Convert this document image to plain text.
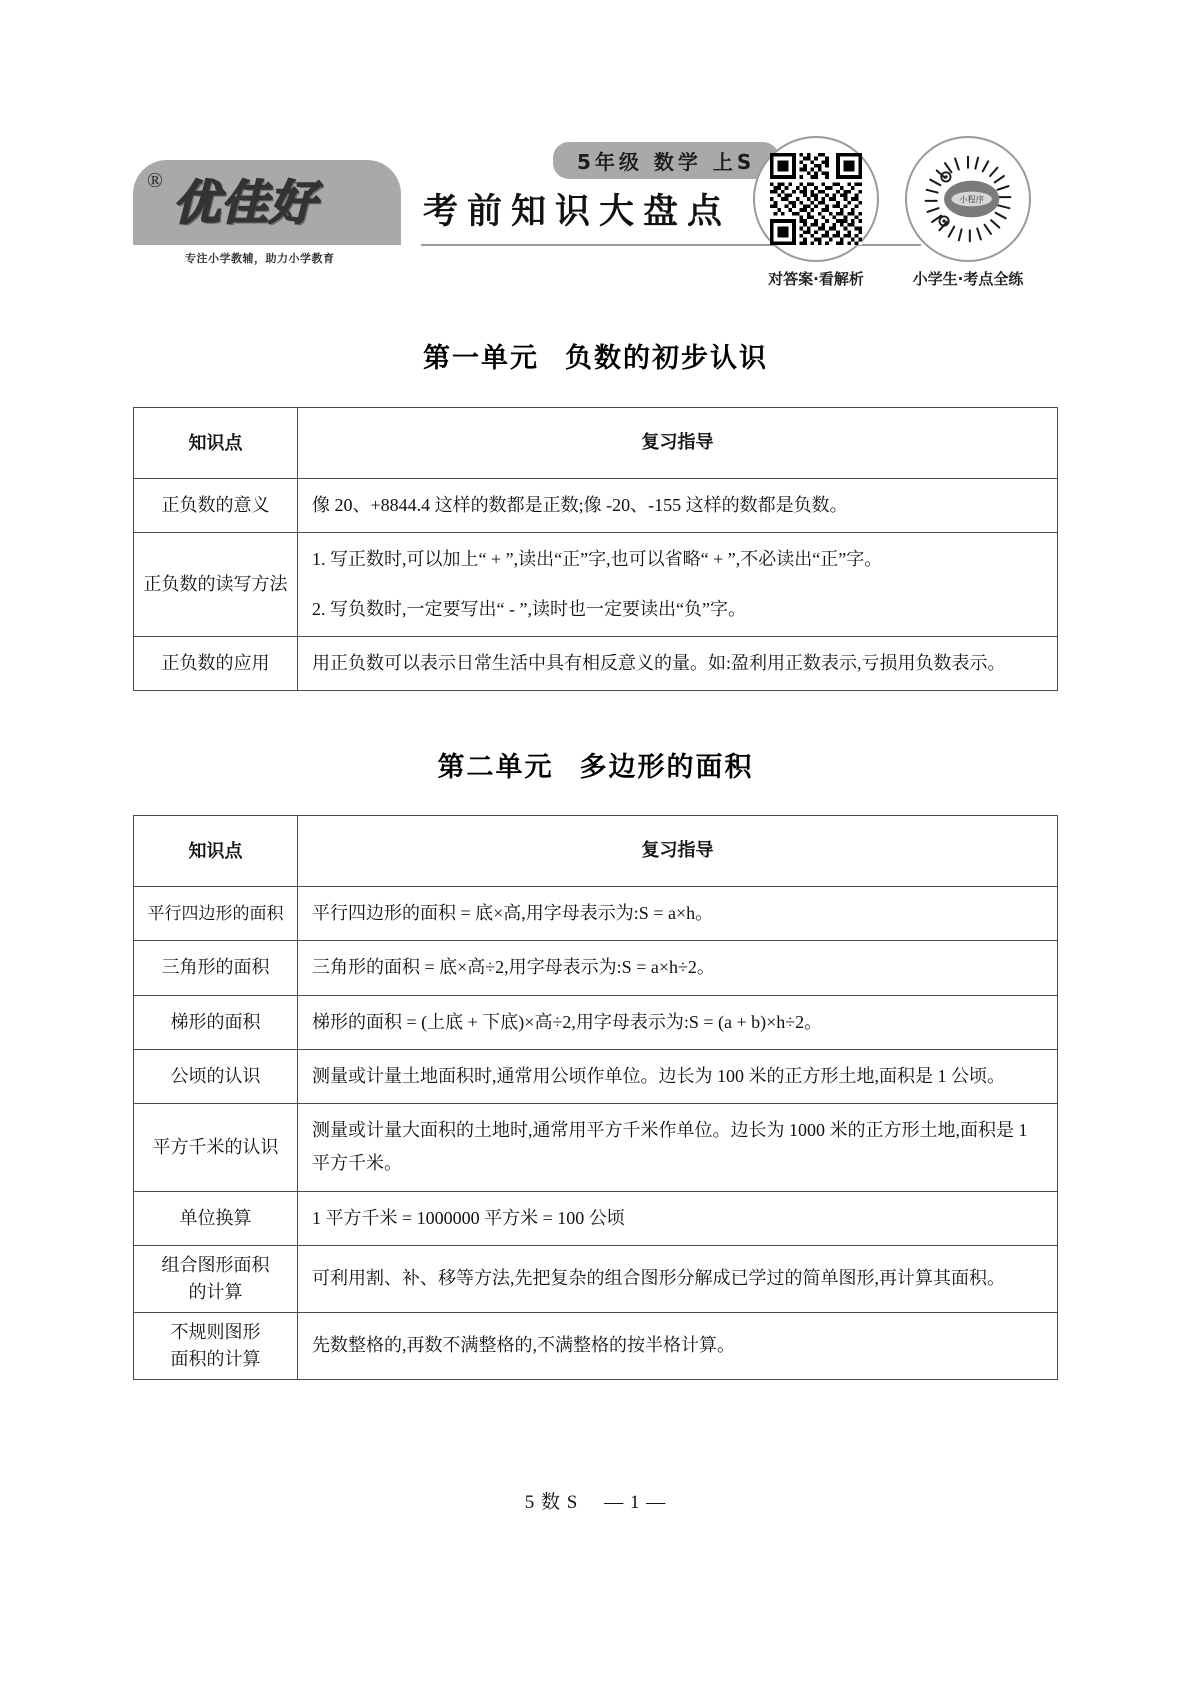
® 优佳好
专注小学教辅，助力小学教育
5年级 数学 上S
考前知识大盘点	小程序
对答案·看解析	小学生·考点全练
第一单元 负数的初步认识
知识点	复习指导
正负数的意义	像 20、+8844.4 这样的数都是正数;像 -20、-155 这样的数都是负数。

正负数的读写方法	1. 写正数时,可以加上“ + ”,读出“正”字,也可以省略“ + ”,不必读出“正”字。
2. 写负数时,一定要写出“ - ”,读时也一定要读出“负”字。

正负数的应用	用正负数可以表示日常生活中具有相反意义的量。如:盈利用正数表示,亏损用负数表示。
第二单元 多边形的面积
知识点	复习指导
平行四边形的面积	平行四边形的面积 = 底×高,用字母表示为:S = a×h。

三角形的面积	三角形的面积 = 底×高÷2,用字母表示为:S = a×h÷2。

梯形的面积	梯形的面积 = (上底 + 下底)×高÷2,用字母表示为:S = (a + b)×h÷2。

公顷的认识	测量或计量土地面积时,通常用公顷作单位。边长为 100 米的正方形土地,面积是 1 公顷。

平方千米的认识	测量或计量大面积的土地时,通常用平方千米作单位。边长为 1000 米的正方形土地,面积是 1 平方千米。

单位换算	1 平方千米 = 1000000 平方米 = 100 公顷

组合图形面积
的计算	可利用割、补、移等方法,先把复杂的组合图形分解成已学过的简单图形,再计算其面积。

不规则图形
面积的计算	先数整格的,再数不满整格的,不满整格的按半格计算。
5 数 S — 1 —
